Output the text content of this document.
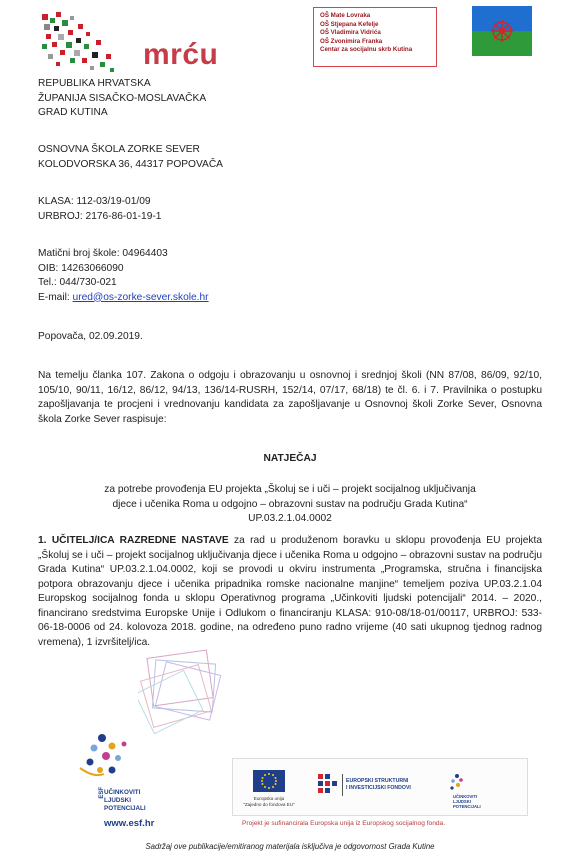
mrću
OŠ Mate Lovraka
OŠ Stjepana Kefelje
OŠ Vladimira Vidrića
OŠ Zvonimira Franka
Centar za socijalnu skrb Kutina
REPUBLIKA HRVATSKA
ŽUPANIJA SISAČKO-MOSLAVAČKA
GRAD KUTINA
OSNOVNA ŠKOLA ZORKE SEVER
KOLODVORSKA 36, 44317 POPOVAČA
KLASA: 112-03/19-01/09
URBROJ: 2176-86-01-19-1
Matični broj škole: 04964403
OIB: 14263066090
Tel.: 044/730-021
E-mail: ured@os-zorke-sever.skole.hr
Popovača, 02.09.2019.
Na temelju članka 107. Zakona o odgoju i obrazovanju u osnovnoj i srednjoj školi (NN 87/08, 86/09, 92/10, 105/10, 90/11, 16/12, 86/12, 94/13, 136/14-RUSRH, 152/14, 07/17, 68/18) te čl. 6. i 7. Pravilnika o postupku zapošljavanja te procjeni i vrednovanju kandidata za zapošljavanje u Osnovnoj školi Zorke Sever, Osnovna škola Zorke Sever raspisuje:
NATJEČAJ
za potrebe provođenja EU projekta „Školuj se i uči – projekt socijalnog uključivanja djece i učenika Roma u odgojno – obrazovni sustav na području Grada Kutina“ UP.03.2.1.04.0002
1. UČITELJ/ICA RAZREDNE NASTAVE za rad u produženom boravku u sklopu provođenja EU projekta „Školuj se i uči – projekt socijalnog uključivanja djece i učenika Roma u odgojno – obrazovni sustav na području Grada Kutina“ UP.03.2.1.04.0002, koji se provodi u okviru instrumenta „Programska, stručna i financijska potpora obrazovanju djece i učenika pripadnika romske nacionalne manjine“ temeljem poziva UP.03.2.1.04 Europskog socijalnog fonda u sklopu Operativnog programa „Učinkoviti ljudski potencijali“ 2014. – 2020., financirano sredstvima Europske Unije i Odlukom o financiranju KLASA: 910-08/18-01/00117, URBROJ: 533-06-18-0006 od 24. kolovoza 2018. godine, na određeno puno radno vrijeme (40 sati ukupnog tjednog radnog vremena), 1 izvršitelj/ica.
ESF UČINKOVITI
LJUDSKI
POTENCIJALI
www.esf.hr
Europska unija
"Zajedno do fondova EU"
EUROPSKI STRUKTURNI
I INVESTICIJSKI FONDOVI
UČINKOVITI
LJUDSKI
POTENCIJALI
Projekt je sufinancirala Europska unija iz Europskog socijalnog fonda.
Sadržaj ove publikacije/emitiranog materijala isključiva je odgovornost Grada Kutine
